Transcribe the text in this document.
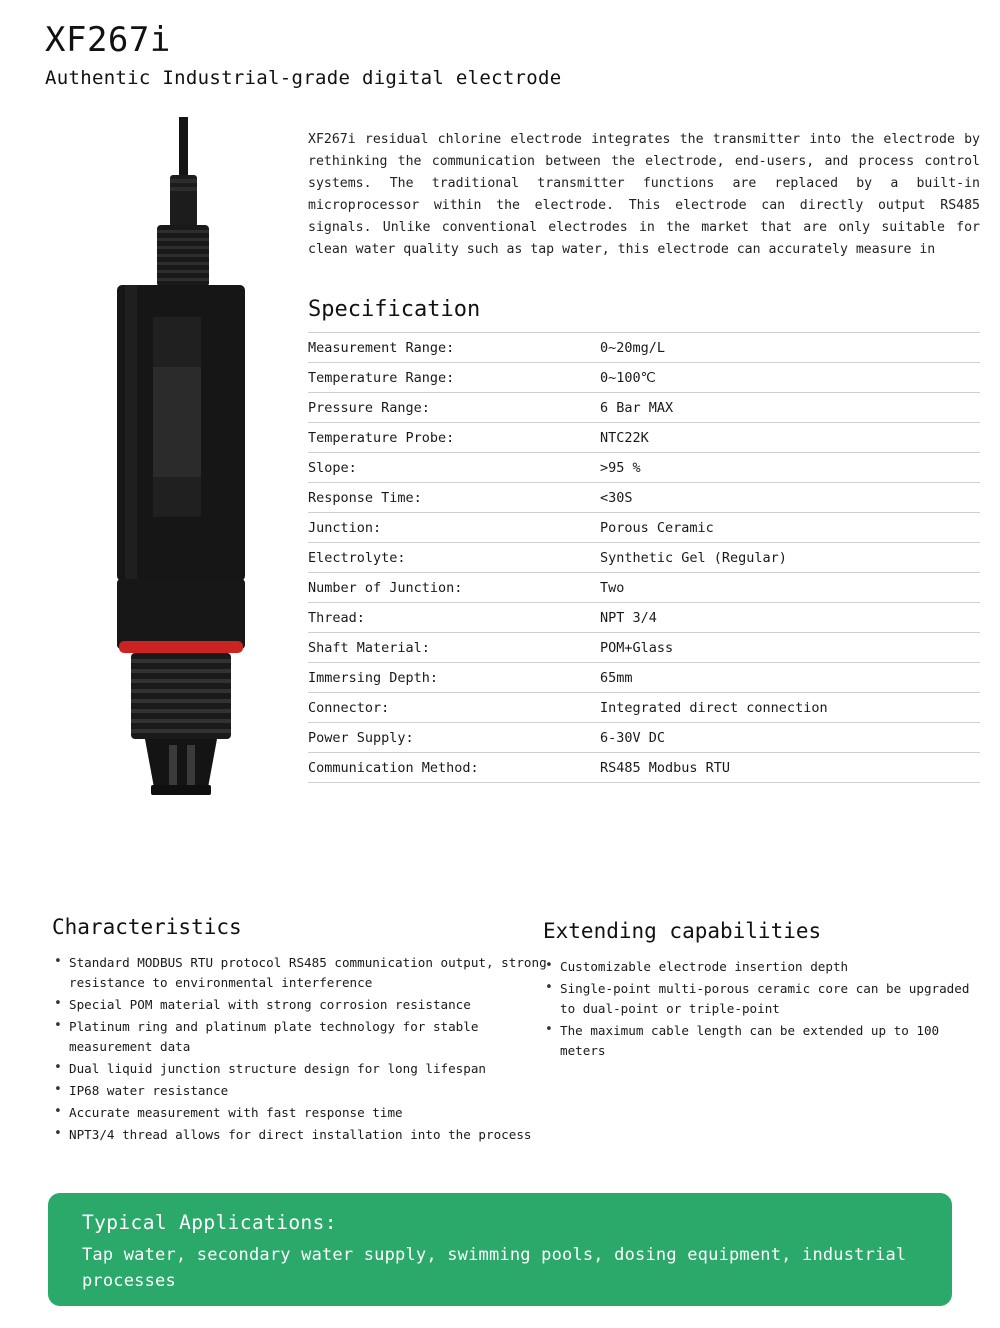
XF267i
Authentic Industrial-grade digital electrode
XF267i residual chlorine electrode integrates the transmitter into the electrode by rethinking the communication between the electrode, end-users, and process control systems. The traditional transmitter functions are replaced by a built-in microprocessor within the electrode. This electrode can directly output RS485 signals. Unlike conventional electrodes in the market that are only suitable for clean water quality such as tap water, this electrode can accurately measure in
Specification
Measurement Range:	0~20mg/L
Temperature Range:	0~100℃
Pressure Range:	6 Bar MAX
Temperature Probe:	NTC22K
Slope:	>95 %
Response Time:	<30S
Junction:	Porous Ceramic
Electrolyte:	Synthetic Gel (Regular)
Number of Junction:	Two
Thread:	NPT 3/4
Shaft Material:	POM+Glass
Immersing Depth:	65mm
Connector:	Integrated direct connection
Power Supply:	6-30V DC
Communication Method:	RS485 Modbus RTU
Characteristics
• Standard MODBUS RTU protocol RS485 communication output, strong resistance to environmental interference
• Special POM material with strong corrosion resistance
• Platinum ring and platinum plate technology for stable measurement data
• Dual liquid junction structure design for long lifespan
• IP68 water resistance
• Accurate measurement with fast response time
• NPT3/4 thread allows for direct installation into the process
Extending capabilities
• Customizable electrode insertion depth
• Single-point multi-porous ceramic core can be upgraded to dual-point or triple-point
• The maximum cable length can be extended up to 100 meters
Typical Applications:
Tap water, secondary water supply, swimming pools, dosing equipment, industrial processes
